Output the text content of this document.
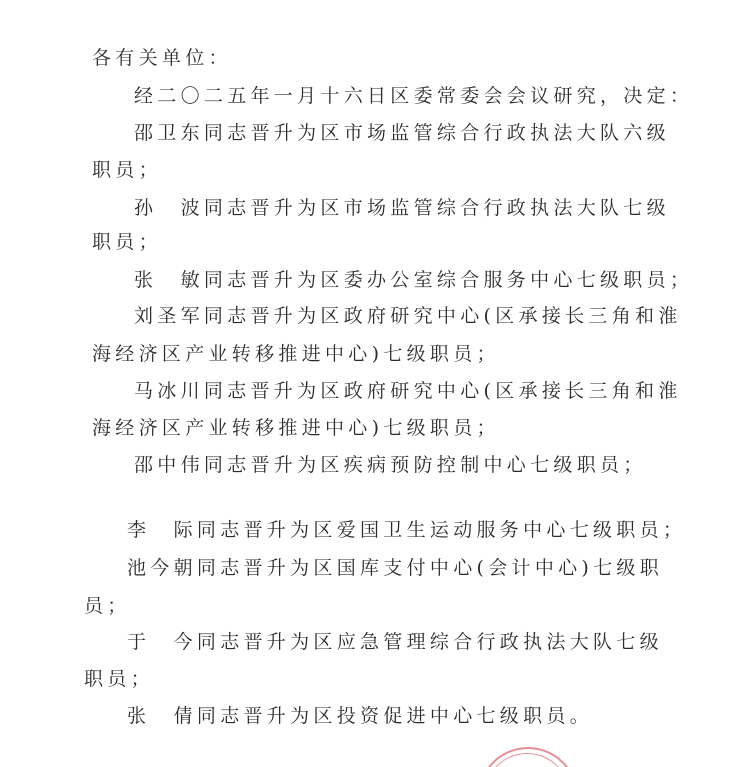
各有关单位：
经二〇二五年一月十六日区委常委会会议研究，决定：
邵卫东同志晋升为区市场监管综合行政执法大队六级
职员；
孙　波同志晋升为区市场监管综合行政执法大队七级
职员；
张　敏同志晋升为区委办公室综合服务中心七级职员；
刘圣军同志晋升为区政府研究中心(区承接长三角和淮
海经济区产业转移推进中心)七级职员；
马冰川同志晋升为区政府研究中心(区承接长三角和淮
海经济区产业转移推进中心)七级职员；
邵中伟同志晋升为区疾病预防控制中心七级职员；
李　际同志晋升为区爱国卫生运动服务中心七级职员；
池今朝同志晋升为区国库支付中心(会计中心)七级职
员；
于　今同志晋升为区应急管理综合行政执法大队七级
职员；
张　倩同志晋升为区投资促进中心七级职员。
